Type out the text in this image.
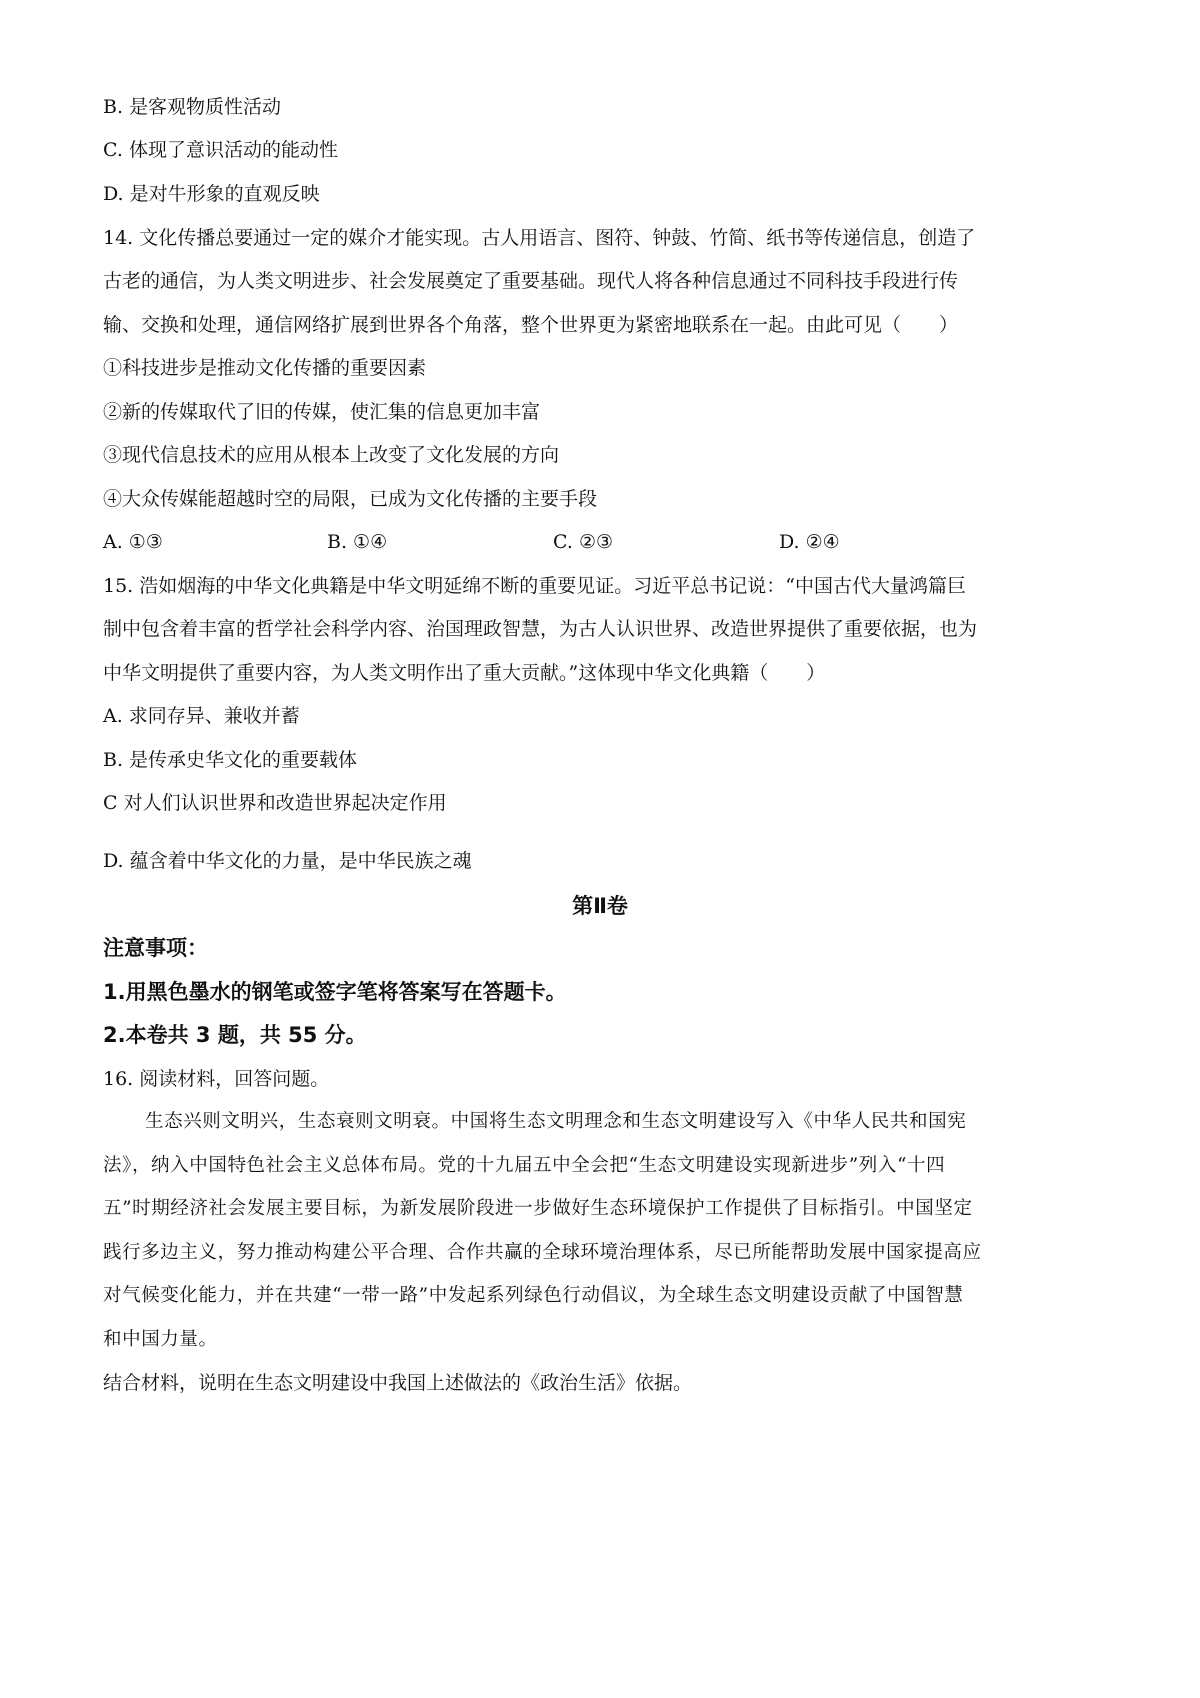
B. 是客观物质性活动
C. 体现了意识活动的能动性
D. 是对牛形象的直观反映
14. 文化传播总要通过一定的媒介才能实现。古人用语言、图符、钟鼓、竹简、纸书等传递信息，创造了
古老的通信，为人类文明进步、社会发展奠定了重要基础。现代人将各种信息通过不同科技手段进行传
输、交换和处理，通信网络扩展到世界各个角落，整个世界更为紧密地联系在一起。由此可见（　　）
①科技进步是推动文化传播的重要因素
②新的传媒取代了旧的传媒，使汇集的信息更加丰富
③现代信息技术的应用从根本上改变了文化发展的方向
④大众传媒能超越时空的局限，已成为文化传播的主要手段
A. ①③	B. ①④	C. ②③	D. ②④
15. 浩如烟海的中华文化典籍是中华文明延绵不断的重要见证。习近平总书记说：“中国古代大量鸿篇巨
制中包含着丰富的哲学社会科学内容、治国理政智慧，为古人认识世界、改造世界提供了重要依据，也为
中华文明提供了重要内容，为人类文明作出了重大贡献。”这体现中华文化典籍（　　）
A. 求同存异、兼收并蓄
B. 是传承史华文化的重要载体
C 对人们认识世界和改造世界起决定作用
D. 蕴含着中华文化的力量，是中华民族之魂
第Ⅱ卷
注意事项：
1.用黑色墨水的钢笔或签字笔将答案写在答题卡。
2.本卷共 3 题，共 55 分。
16. 阅读材料，回答问题。
生态兴则文明兴，生态衰则文明衰。中国将生态文明理念和生态文明建设写入《中华人民共和国宪
法》，纳入中国特色社会主义总体布局。党的十九届五中全会把“生态文明建设实现新进步”列入“十四
五”时期经济社会发展主要目标，为新发展阶段进一步做好生态环境保护工作提供了目标指引。中国坚定
践行多边主义，努力推动构建公平合理、合作共赢的全球环境治理体系，尽已所能帮助发展中国家提高应
对气候变化能力，并在共建“一带一路”中发起系列绿色行动倡议，为全球生态文明建设贡献了中国智慧
和中国力量。
结合材料，说明在生态文明建设中我国上述做法的《政治生活》依据。
